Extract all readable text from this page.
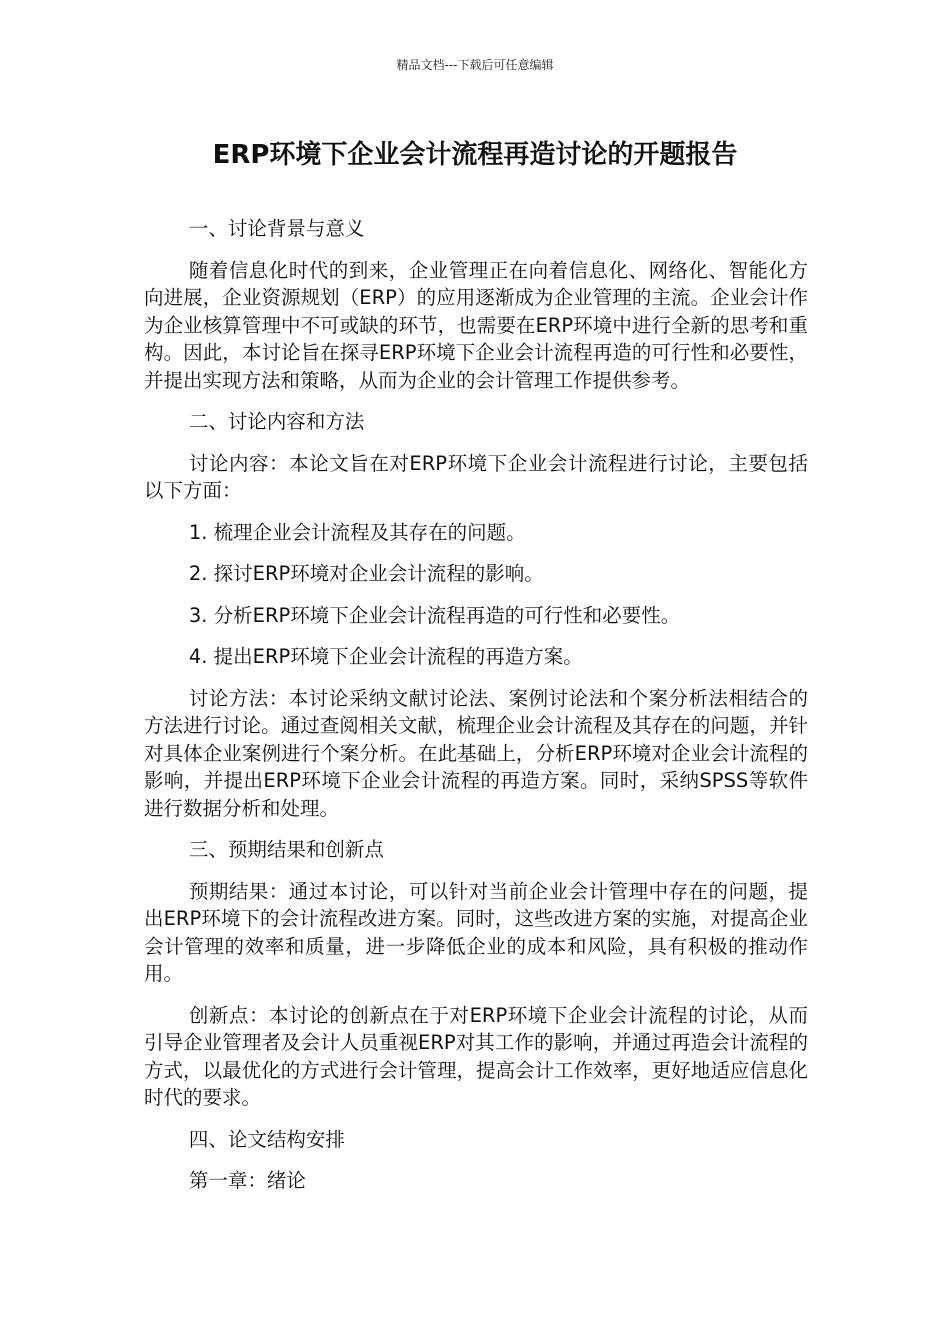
精品文档---下载后可任意编辑
ERP环境下企业会计流程再造讨论的开题报告

一、讨论背景与意义

随着信息化时代的到来，企业管理正在向着信息化、网络化、智能化方向进展，企业资源规划（ERP）的应用逐渐成为企业管理的主流。企业会计作为企业核算管理中不可或缺的环节，也需要在ERP环境中进行全新的思考和重构。因此，本讨论旨在探寻ERP环境下企业会计流程再造的可行性和必要性，并提出实现方法和策略，从而为企业的会计管理工作提供参考。

二、讨论内容和方法

讨论内容：本论文旨在对ERP环境下企业会计流程进行讨论，主要包括以下方面：

1. 梳理企业会计流程及其存在的问题。

2. 探讨ERP环境对企业会计流程的影响。

3. 分析ERP环境下企业会计流程再造的可行性和必要性。

4. 提出ERP环境下企业会计流程的再造方案。

讨论方法：本讨论采纳文献讨论法、案例讨论法和个案分析法相结合的方法进行讨论。通过查阅相关文献，梳理企业会计流程及其存在的问题，并针对具体企业案例进行个案分析。在此基础上，分析ERP环境对企业会计流程的影响，并提出ERP环境下企业会计流程的再造方案。同时，采纳SPSS等软件进行数据分析和处理。

三、预期结果和创新点

预期结果：通过本讨论，可以针对当前企业会计管理中存在的问题，提出ERP环境下的会计流程改进方案。同时，这些改进方案的实施，对提高企业会计管理的效率和质量，进一步降低企业的成本和风险，具有积极的推动作用。

创新点：本讨论的创新点在于对ERP环境下企业会计流程的讨论，从而引导企业管理者及会计人员重视ERP对其工作的影响，并通过再造会计流程的方式，以最优化的方式进行会计管理，提高会计工作效率，更好地适应信息化时代的要求。

四、论文结构安排

第一章：绪论
